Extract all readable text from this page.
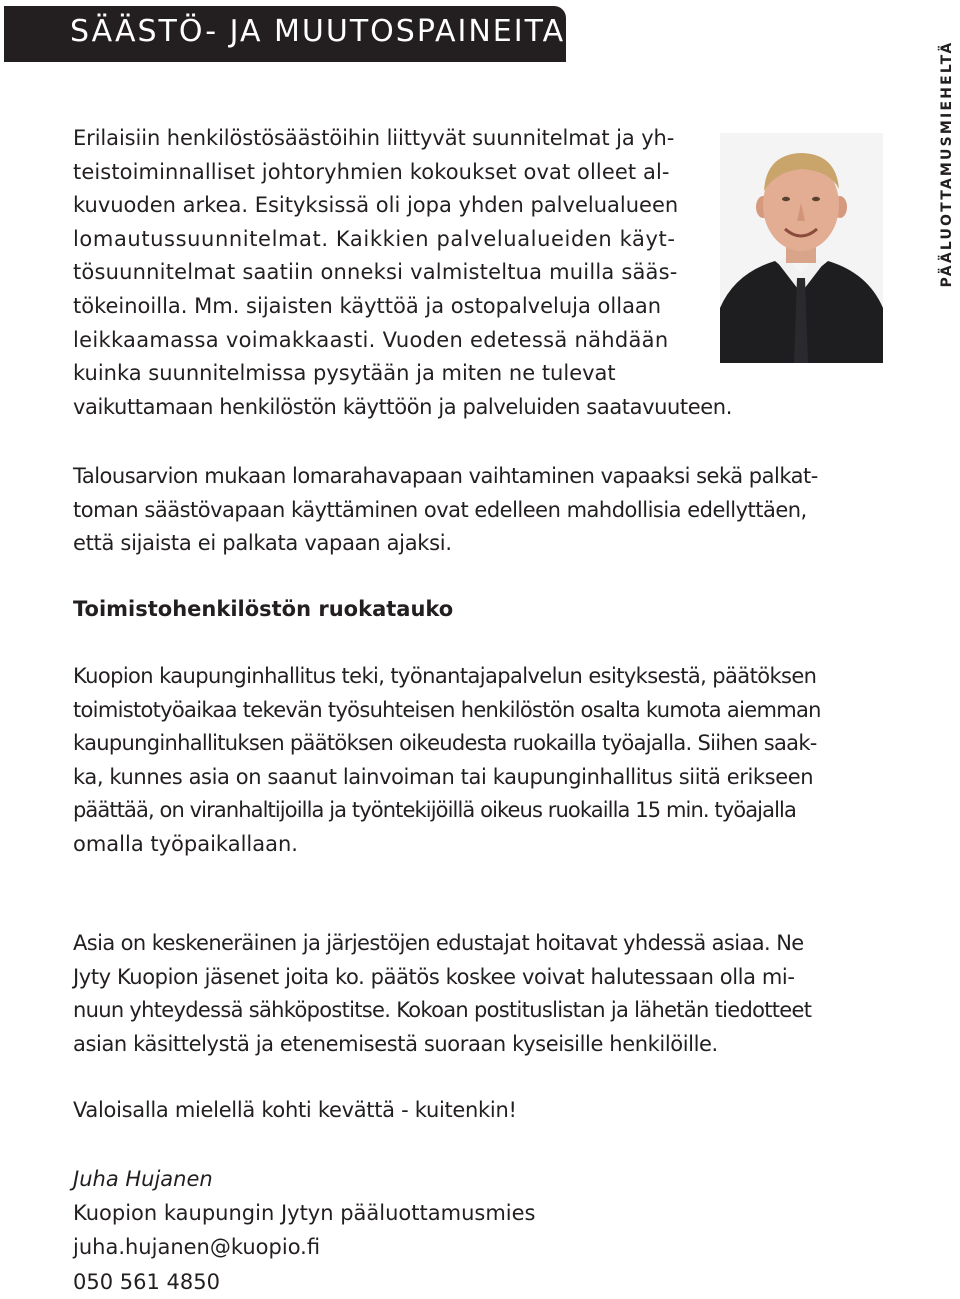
SÄÄSTÖ- JA MUUTOSPAINEITA
PÄÄLUOTTAMUSMIEHELTÄ
Erilaisiin henkilöstösäästöihin liittyvät suunnitelmat ja yh-
teistoiminnalliset johtoryhmien kokoukset ovat olleet al-
kuvuoden arkea. Esityksissä oli jopa yhden palvelualueen
lomautussuunnitelmat. Kaikkien palvelualueiden käyt-
tösuunnitelmat saatiin onneksi valmisteltua muilla sääs-
tökeinoilla. Mm. sijaisten käyttöä ja ostopalveluja ollaan
leikkaamassa voimakkaasti. Vuoden edetessä nähdään
kuinka suunnitelmissa pysytään ja miten ne tulevat
vaikuttamaan henkilöstön käyttöön ja palveluiden saatavuuteen.
Talousarvion mukaan lomarahavapaan vaihtaminen vapaaksi sekä palkat-
toman säästövapaan käyttäminen ovat edelleen mahdollisia edellyttäen,
että sijaista ei palkata vapaan ajaksi.
Toimistohenkilöstön ruokatauko
Kuopion kaupunginhallitus teki, työnantajapalvelun esityksestä, päätöksen
toimistotyöaikaa tekevän työsuhteisen henkilöstön osalta kumota aiemman
kaupunginhallituksen päätöksen oikeudesta ruokailla työajalla. Siihen saak-
ka, kunnes asia on saanut lainvoiman tai kaupunginhallitus siitä erikseen
päättää, on viranhaltijoilla ja työntekijöillä oikeus ruokailla 15 min. työajalla
omalla työpaikallaan.
Asia on keskeneräinen ja järjestöjen edustajat hoitavat yhdessä asiaa. Ne
Jyty Kuopion jäsenet joita ko. päätös koskee voivat halutessaan olla mi-
nuun yhteydessä sähköpostitse. Kokoan postituslistan ja lähetän tiedotteet
asian käsittelystä ja etenemisestä suoraan kyseisille henkilöille.
Valoisalla mielellä kohti kevättä - kuitenkin!
Juha Hujanen
Kuopion kaupungin Jytyn pääluottamusmies
juha.hujanen@kuopio.fi
050 561 4850
